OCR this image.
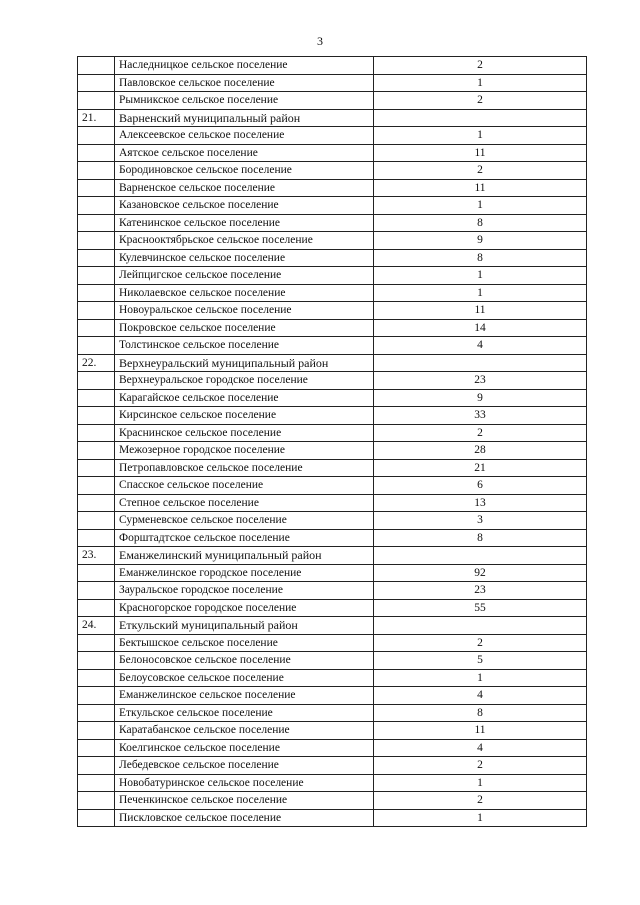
3
	Наследницкое сельское поселение	2
	Павловское сельское поселение	1
	Рымникское сельское поселение	2
21.	Варненский муниципальный район	
	Алексеевское сельское поселение	1
	Аятское сельское поселение	11
	Бородиновское сельское поселение	2
	Варненское сельское поселение	11
	Казановское сельское поселение	1
	Катенинское сельское поселение	8
	Краснооктябрьское сельское поселение	9
	Кулевчинское сельское поселение	8
	Лейпцигское сельское поселение	1
	Николаевское сельское поселение	1
	Новоуральское сельское поселение	11
	Покровское сельское поселение	14
	Толстинское сельское поселение	4
22.	Верхнеуральский муниципальный район	
	Верхнеуральское городское поселение	23
	Карагайское сельское поселение	9
	Кирсинское сельское поселение	33
	Краснинское сельское поселение	2
	Межозерное городское поселение	28
	Петропавловское сельское поселение	21
	Спасское сельское поселение	6
	Степное сельское поселение	13
	Сурменевское сельское поселение	3
	Форштадтское сельское поселение	8
23.	Еманжелинский муниципальный район	
	Еманжелинское городское поселение	92
	Зауральское городское поселение	23
	Красногорское городское поселение	55
24.	Еткульский муниципальный район	
	Бектышское сельское поселение	2
	Белоносовское сельское поселение	5
	Белоусовское сельское поселение	1
	Еманжелинское сельское поселение	4
	Еткульское сельское поселение	8
	Каратабанское сельское поселение	11
	Коелгинское сельское поселение	4
	Лебедевское сельское поселение	2
	Новобатуринское сельское поселение	1
	Печенкинское сельское поселение	2
	Пискловское сельское поселение	1
